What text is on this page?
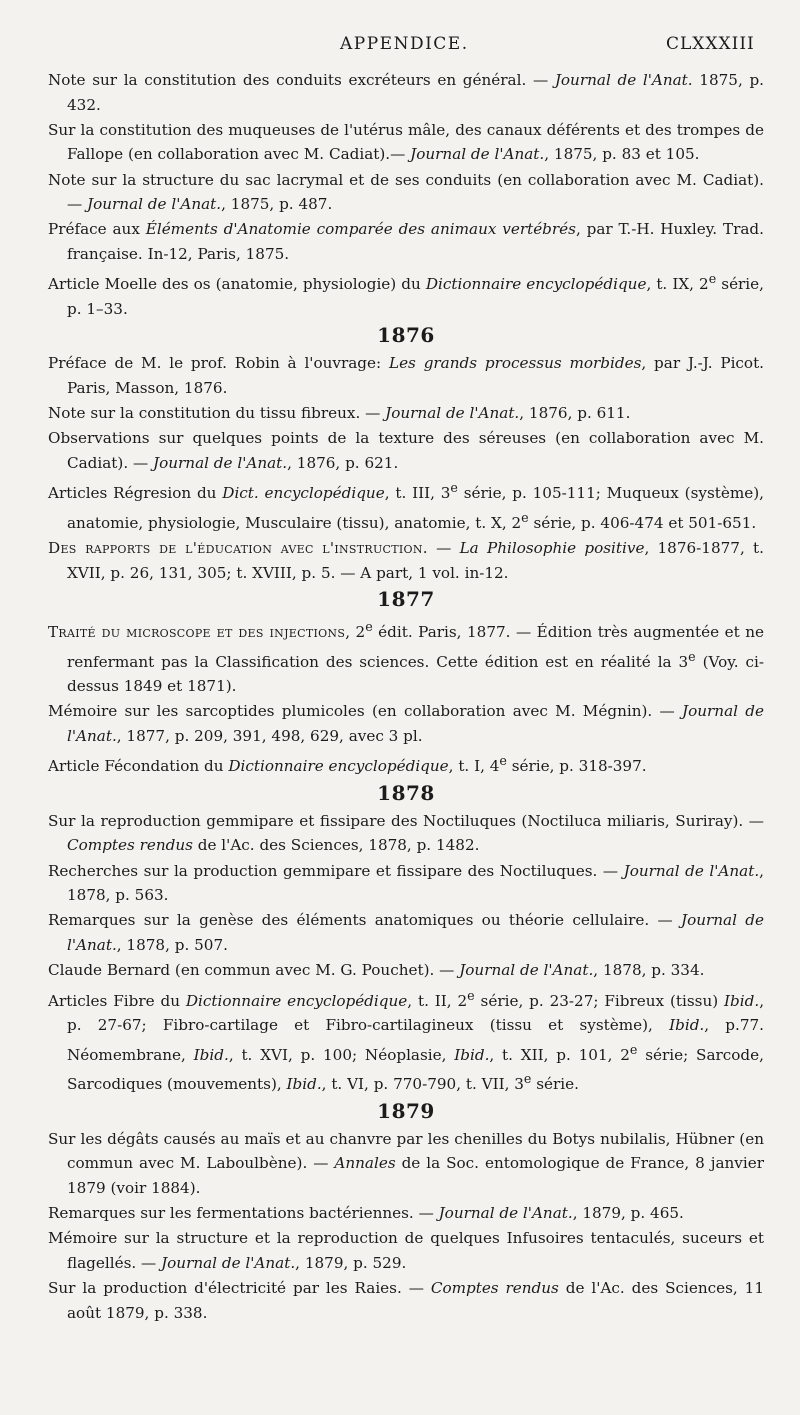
APPENDICE.	CLXXXIII
Note sur la constitution des conduits excréteurs en général. — Journal de l'Anat. 1875, p. 432.
Sur la constitution des muqueuses de l'utérus mâle, des canaux déférents et des trompes de Fallope (en collaboration avec M. Cadiat).— Journal de l'Anat., 1875, p. 83 et 105.
Note sur la structure du sac lacrymal et de ses conduits (en collaboration avec M. Cadiat). — Journal de l'Anat., 1875, p. 487.
Préface aux Éléments d'Anatomie comparée des animaux vertébrés, par T.-H. Huxley. Trad. française. In-12, Paris, 1875.
Article Moelle des os (anatomie, physiologie) du Dictionnaire encyclopédique, t. IX, 2e série, p. 1–33.
1876
Préface de M. le prof. Robin à l'ouvrage: Les grands processus morbides, par J.-J. Picot. Paris, Masson, 1876.
Note sur la constitution du tissu fibreux. — Journal de l'Anat., 1876, p. 611.
Observations sur quelques points de la texture des séreuses (en collaboration avec M. Cadiat). — Journal de l'Anat., 1876, p. 621.
Articles Régresion du Dict. encyclopédique, t. III, 3e série, p. 105-111; Muqueux (système), anatomie, physiologie, Musculaire (tissu), anatomie, t. X, 2e série, p. 406-474 et 501-651.
Des rapports de l'éducation avec l'instruction. — La Philosophie positive, 1876-1877, t. XVII, p. 26, 131, 305; t. XVIII, p. 5. — A part, 1 vol. in-12.
1877
Traité du microscope et des injections, 2e édit. Paris, 1877. — Édition très augmentée et ne renfermant pas la Classification des sciences. Cette édition est en réalité la 3e (Voy. ci-dessus 1849 et 1871).
Mémoire sur les sarcoptides plumicoles (en collaboration avec M. Mégnin). — Journal de l'Anat., 1877, p. 209, 391, 498, 629, avec 3 pl.
Article Fécondation du Dictionnaire encyclopédique, t. I, 4e série, p. 318-397.
1878
Sur la reproduction gemmipare et fissipare des Noctiluques (Noctiluca miliaris, Suriray). — Comptes rendus de l'Ac. des Sciences, 1878, p. 1482.
Recherches sur la production gemmipare et fissipare des Noctiluques. — Journal de l'Anat., 1878, p. 563.
Remarques sur la genèse des éléments anatomiques ou théorie cellulaire. — Journal de l'Anat., 1878, p. 507.
Claude Bernard (en commun avec M. G. Pouchet). — Journal de l'Anat., 1878, p. 334.
Articles Fibre du Dictionnaire encyclopédique, t. II, 2e série, p. 23-27; Fibreux (tissu) Ibid., p. 27-67; Fibro-cartilage et Fibro-cartilagineux (tissu et système), Ibid., p.77. Néomembrane, Ibid., t. XVI, p. 100; Néoplasie, Ibid., t. XII, p. 101, 2e série; Sarcode, Sarcodiques (mouvements), Ibid., t. VI, p. 770-790, t. VII, 3e série.
1879
Sur les dégâts causés au maïs et au chanvre par les chenilles du Botys nubilalis, Hübner (en commun avec M. Laboulbène). — Annales de la Soc. entomologique de France, 8 janvier 1879 (voir 1884).
Remarques sur les fermentations bactériennes. — Journal de l'Anat., 1879, p. 465.
Mémoire sur la structure et la reproduction de quelques Infusoires tentaculés, suceurs et flagellés. — Journal de l'Anat., 1879, p. 529.
Sur la production d'électricité par les Raies. — Comptes rendus de l'Ac. des Sciences, 11 août 1879, p. 338.
